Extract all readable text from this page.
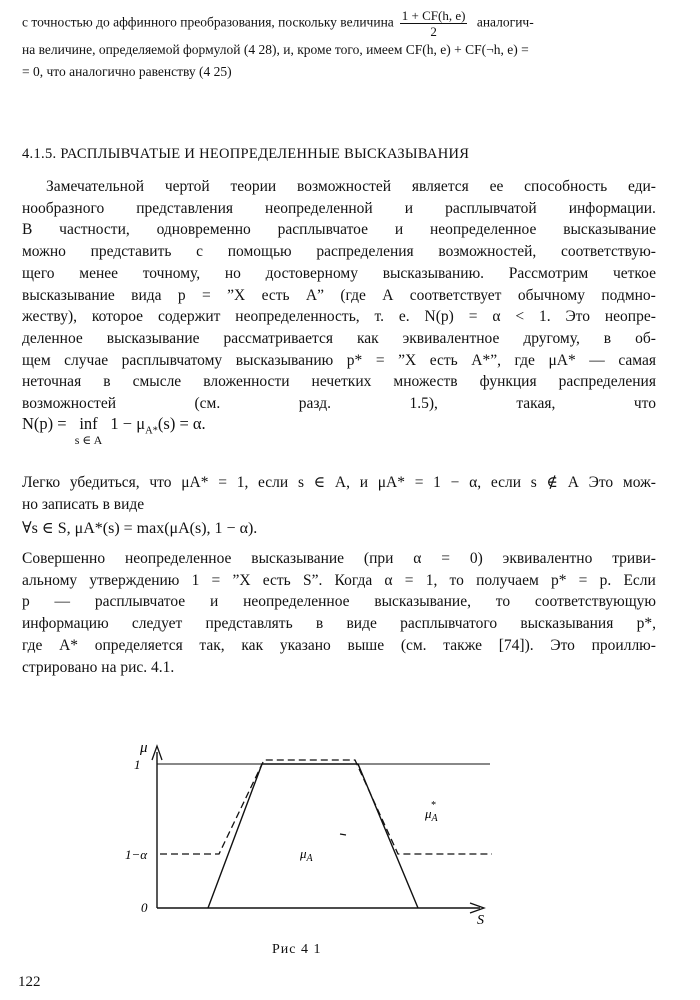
с точностью до аффинного преобразования, поскольку величина $\frac{1 + CF(h, e)}{2}$ аналогич-
на величине, определяемой формулой (4 28), и, кроме того, имеем CF(h, e) + CF(¬h, e) =
= 0, что аналогично равенству (4 25)
4.1.5. РАСПЛЫВЧАТЫЕ И НЕОПРЕДЕЛЕННЫЕ ВЫСКАЗЫВАНИЯ
Замечательной чертой теории возможностей является ее способность еди-
нообразного представления неопределенной и расплывчатой информации.
В частности, одновременно расплывчатое и неопределенное высказывание
можно представить с помощью распределения возможностей, соответствую-
щего менее точному, но достоверному высказыванию. Рассмотрим четкое
высказывание вида p = ”X есть A” (где A соответствует обычному подмно-
жеству), которое содержит неопределенность, т. е. N(p) = α < 1. Это неопре-
деленное высказывание рассматривается как эквивалентное другому, в об-
щем случае расплывчатому высказыванию p* = ”X есть A*”, где μA* — самая
неточная в смысле вложенности нечетких множеств функция распределения
возможностей	(см.	разд.	1.5),	такая,	что
N(p) = inf
s ∈ A
$1 - \mu_{A*}(s) = \alpha$.
Легко убедиться, что μA* = 1, если s ∈ A, и μA* = 1 − α, если s ∉ A Это мож-
но записать в виде
∀s ∈ S, μA*(s) = max(μA(s), 1 − α).
Совершенно неопределенное высказывание (при α = 0) эквивалентно триви-
альному утверждению 1 = ”X есть S”. Когда α = 1, то получаем p* = p. Если
p — расплывчатое и неопределенное высказывание, то соответствующую
информацию следует представлять в виде расплывчатого высказывания p*,
где A* определяется так, как указано выше (см. также [74]). Это проиллю-
стрировано на рис. 4.1.
μ
1
1−α
0
S
$\mu_A$
$\mu_A*$
Рис 4 1
122
